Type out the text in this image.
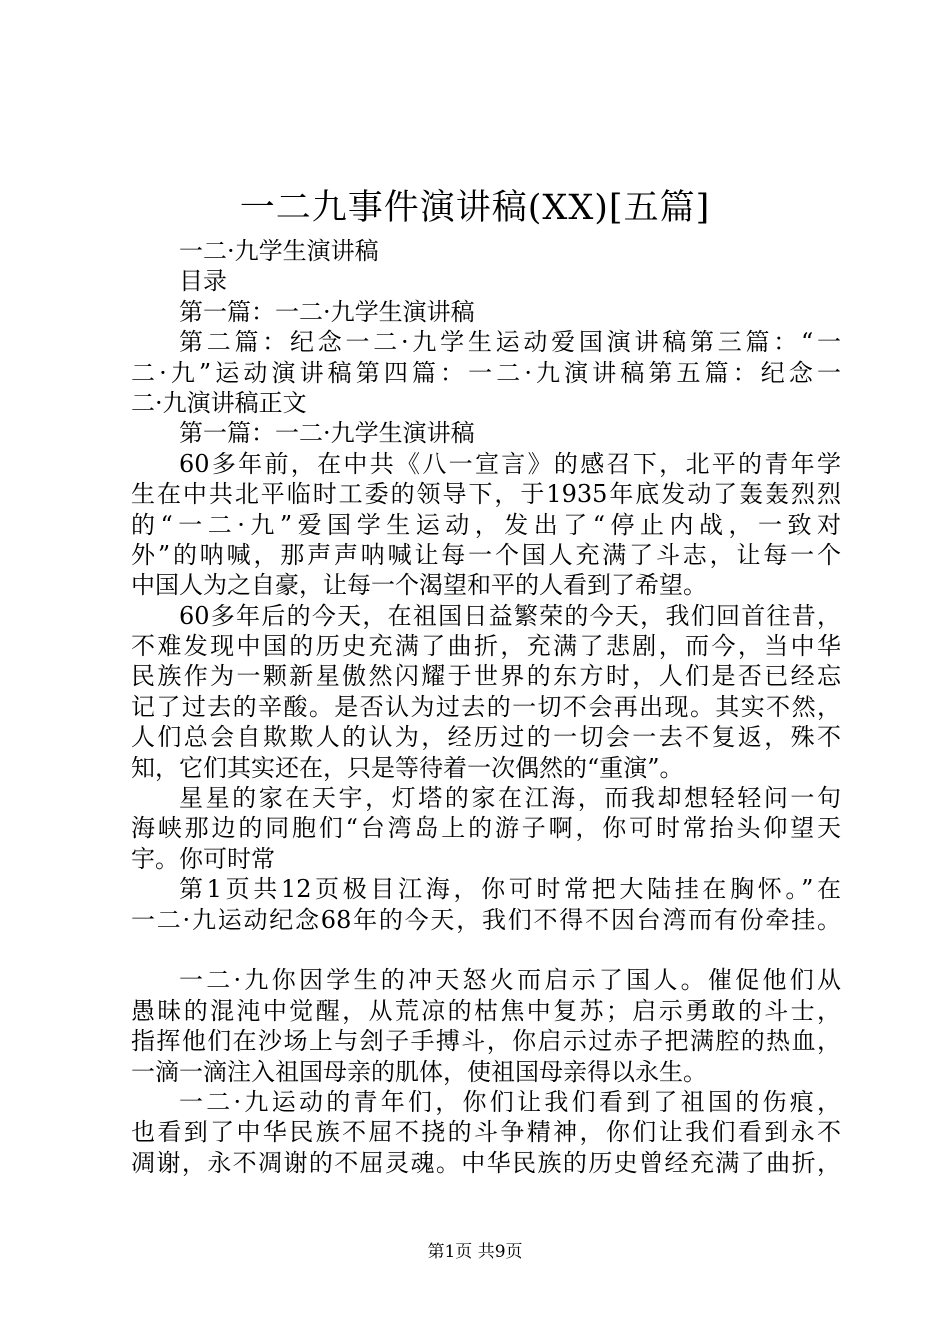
一二九事件演讲稿(XX)[五篇]
一二·九学生演讲稿
目录
第一篇：一二·九学生演讲稿
第二篇：纪念一二·九学生运动爱国演讲稿第三篇：“一
二·九”运动演讲稿第四篇：一二·九演讲稿第五篇：纪念一
二·九演讲稿正文
第一篇：一二·九学生演讲稿
60多年前，在中共《八一宣言》的感召下，北平的青年学
生在中共北平临时工委的领导下，于1935年底发动了轰轰烈烈
的“一二·九”爱国学生运动，发出了“停止内战，一致对
外”的呐喊，那声声呐喊让每一个国人充满了斗志，让每一个
中国人为之自豪，让每一个渴望和平的人看到了希望。
60多年后的今天，在祖国日益繁荣的今天，我们回首往昔，
不难发现中国的历史充满了曲折，充满了悲剧，而今，当中华
民族作为一颗新星傲然闪耀于世界的东方时，人们是否已经忘
记了过去的辛酸。是否认为过去的一切不会再出现。其实不然，
人们总会自欺欺人的认为，经历过的一切会一去不复返，殊不
知，它们其实还在，只是等待着一次偶然的“重演”。
星星的家在天宇，灯塔的家在江海，而我却想轻轻问一句
海峡那边的同胞们“台湾岛上的游子啊，你可时常抬头仰望天
宇。你可时常
第1页共12页极目江海，你可时常把大陆挂在胸怀。”在
一二·九运动纪念68年的今天，我们不得不因台湾而有份牵挂。
一二·九你因学生的冲天怒火而启示了国人。催促他们从
愚昧的混沌中觉醒，从荒凉的枯焦中复苏；启示勇敢的斗士，
指挥他们在沙场上与刽子手搏斗，你启示过赤子把满腔的热血，
一滴一滴注入祖国母亲的肌体，使祖国母亲得以永生。
一二·九运动的青年们，你们让我们看到了祖国的伤痕，
也看到了中华民族不屈不挠的斗争精神，你们让我们看到永不
凋谢，永不凋谢的不屈灵魂。中华民族的历史曾经充满了曲折，
第1页 共9页
